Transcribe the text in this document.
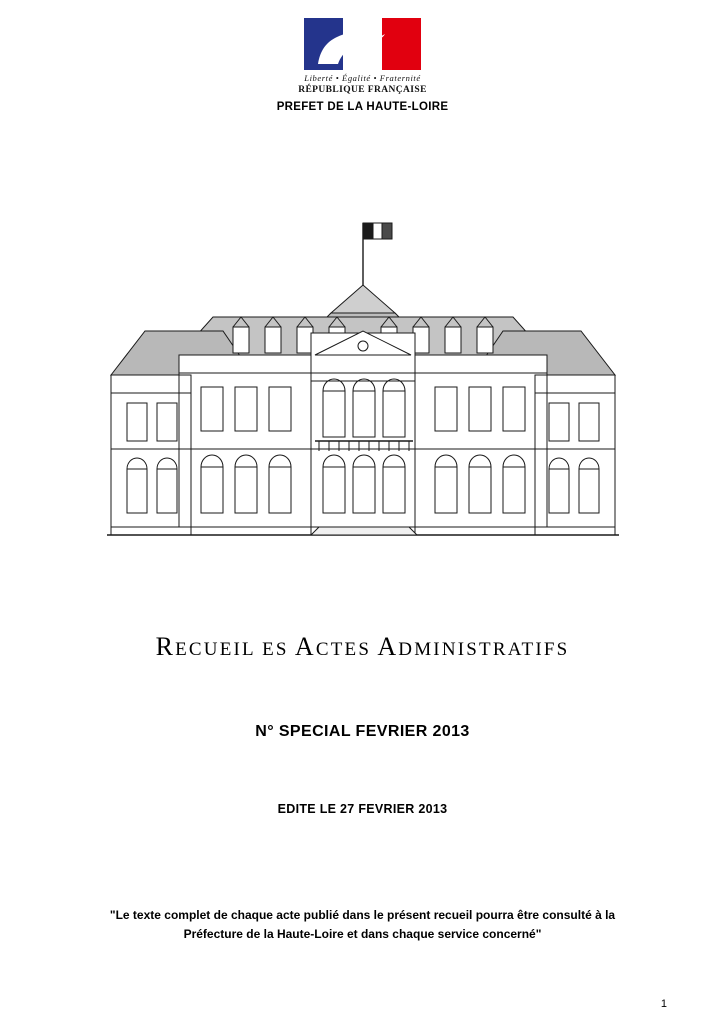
Liberté • Égalité • Fraternité
RÉPUBLIQUE FRANÇAISE
PREFET DE LA HAUTE-LOIRE
RECUEIL ES ACTES ADMINISTRATIFS
N° SPECIAL FEVRIER 2013
EDITE LE 27 FEVRIER 2013
"Le texte complet de chaque acte publié dans le présent recueil pourra être consulté à la
Préfecture de la Haute-Loire et dans chaque service concerné"
1
